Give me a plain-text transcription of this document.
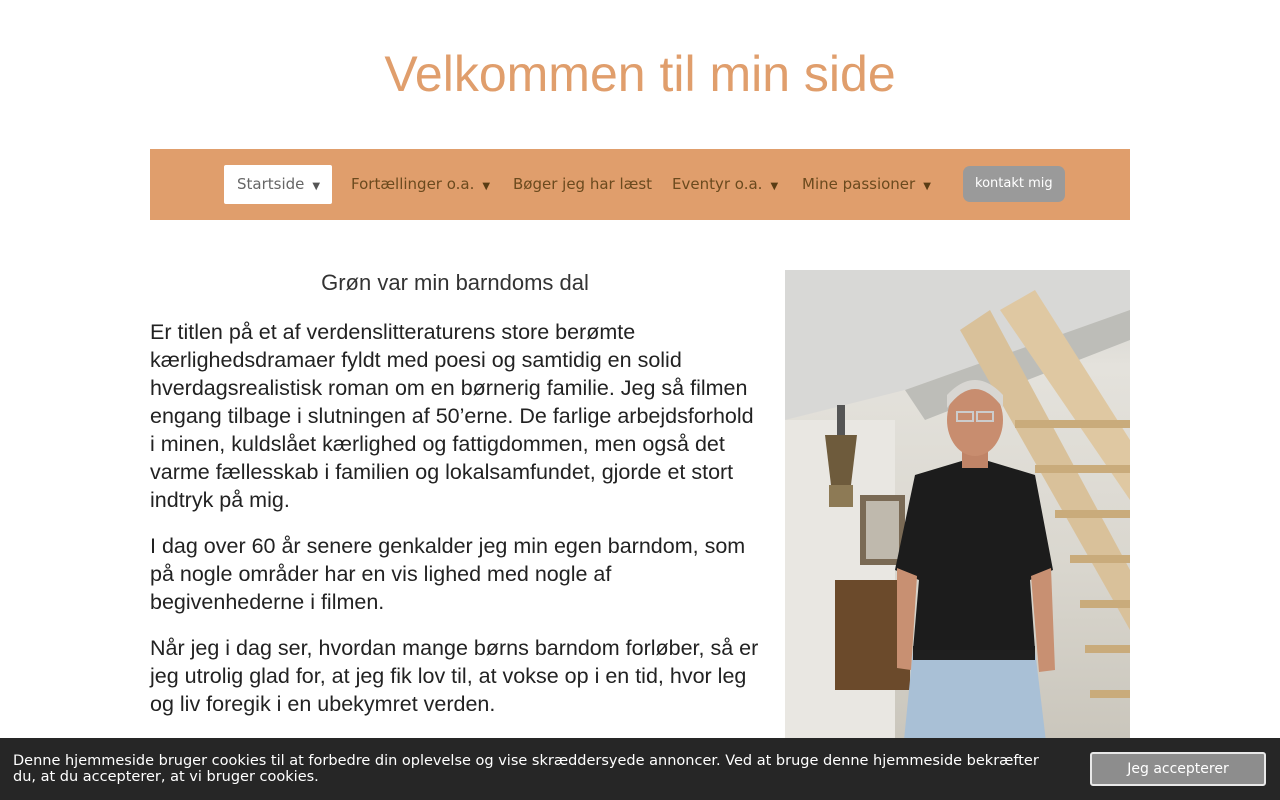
Velkommen til min side
Startside ▼	Fortællinger o.a. ▼ Bøger jeg har læst Eventyr o.a. ▼ Mine passioner ▼	kontakt mig
Grøn var min barndoms dal

Er titlen på et af verdenslitteraturens store berømte kærlighedsdramaer fyldt med poesi og samtidig en solid hverdagsrealistisk roman om en børnerig familie. Jeg så filmen engang tilbage i slutningen af 50’erne. De farlige arbejdsforhold i minen, kuldslået kærlighed og fattigdommen, men også det varme fællesskab i familien og lokalsamfundet, gjorde et stort indtryk på mig.

I dag over 60 år senere genkalder jeg min egen barndom, som på nogle områder har en vis lighed med nogle af begivenhederne i filmen.

Når jeg i dag ser, hvordan mange børns barndom forløber, så er jeg utrolig glad for, at jeg fik lov til, at vokse op i en tid, hvor leg og liv foregik i en ubekymret verden.

Denne hjemmeside bruger cookies til at forbedre din oplevelse og vise skræddersyede annoncer. Ved at bruge denne hjemmeside bekræfter du, at du accepterer, at vi bruger cookies.	Jeg accepterer
